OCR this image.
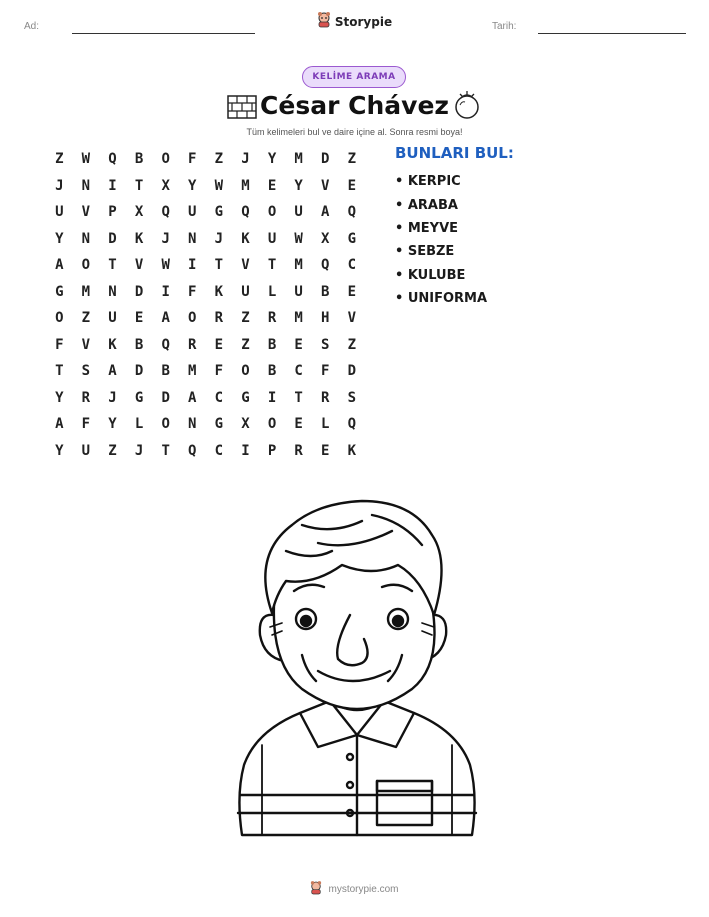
Ad:	Tarih:
Storypie
KELİME ARAMA
César Chávez
Tüm kelimeleri bul ve daire içine al. Sonra resmi boya!
Z	W	Q	B	O	F	Z	J	Y	M	D	Z
J	N	I	T	X	Y	W	M	E	Y	V	E
U	V	P	X	Q	U	G	Q	O	U	A	Q
Y	N	D	K	J	N	J	K	U	W	X	G
A	O	T	V	W	I	T	V	T	M	Q	C
G	M	N	D	I	F	K	U	L	U	B	E
O	Z	U	E	A	O	R	Z	R	M	H	V
F	V	K	B	Q	R	E	Z	B	E	S	Z
T	S	A	D	B	M	F	O	B	C	F	D
Y	R	J	G	D	A	C	G	I	T	R	S
A	F	Y	L	O	N	G	X	O	E	L	Q
Y	U	Z	J	T	Q	C	I	P	R	E	K
BUNLARI BUL:
• KERPIC
• ARABA
• MEYVE
• SEBZE
• KULUBE
• UNIFORMA
mystorypie.com
